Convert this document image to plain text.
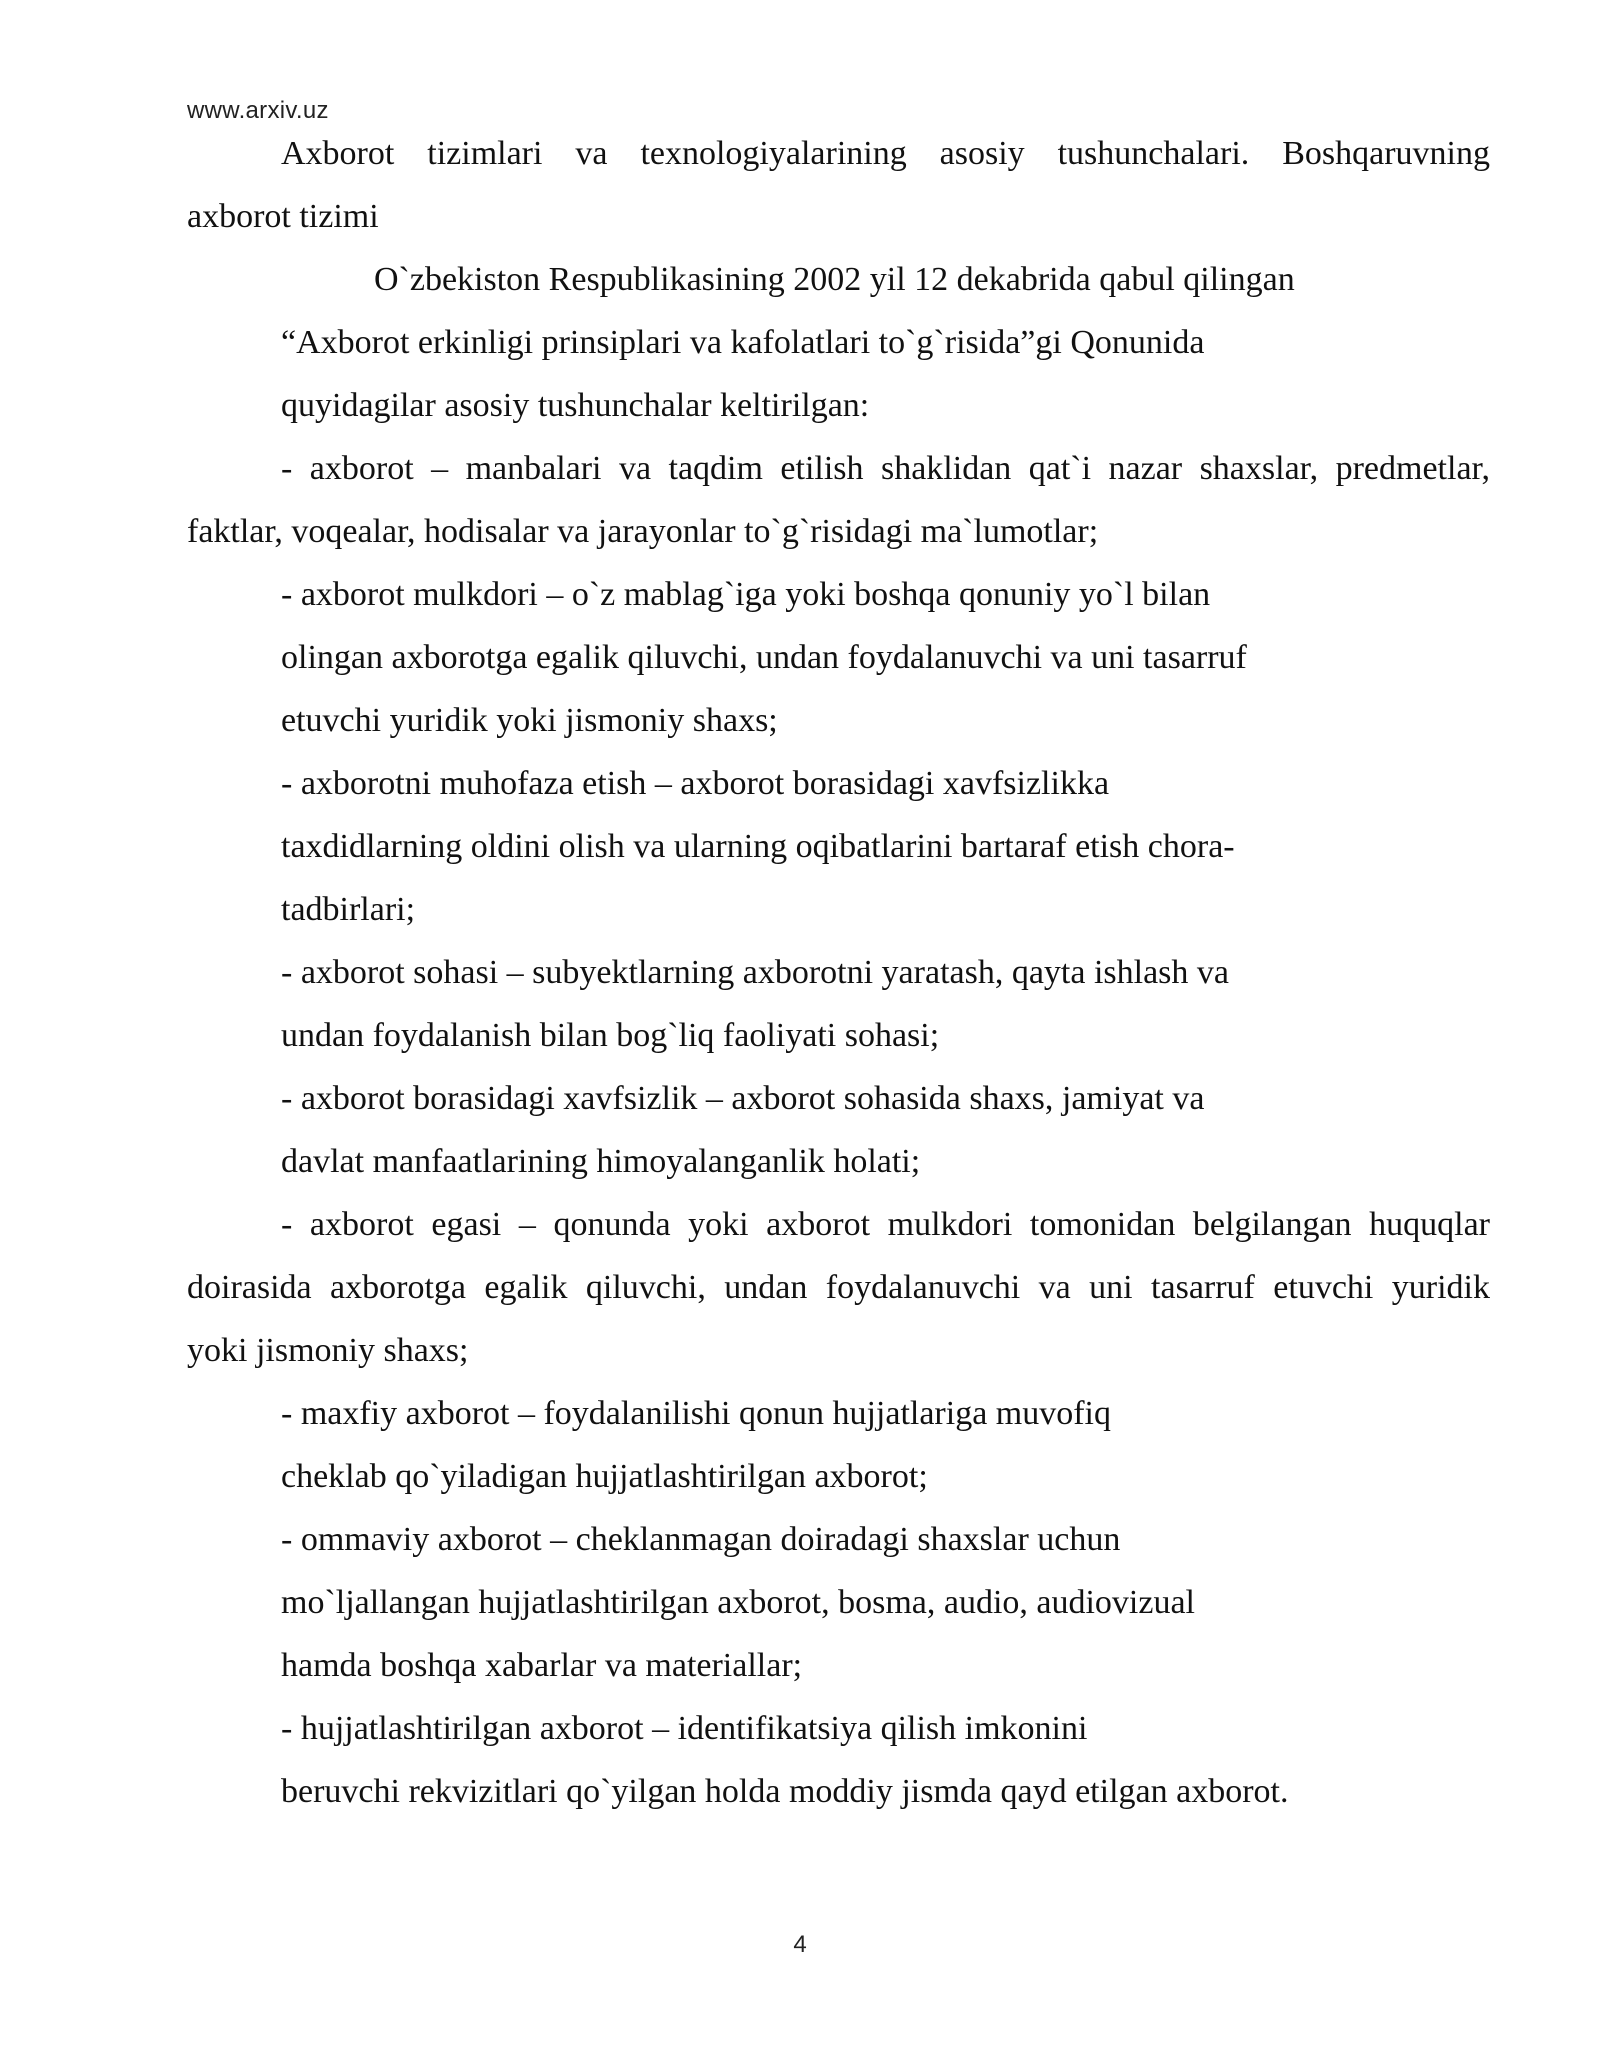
www.arxiv.uz
Axborot tizimlari va texnologiyalarining asosiy tushunchalari. Boshqaruvning
axborot tizimi
O`zbekiston Respublikasining 2002 yil 12 dekabrida qabul qilingan
“Axborot erkinligi prinsiplari va kafolatlari to`g`risida”gi Qonunida
quyidagilar asosiy tushunchalar keltirilgan:
- axborot – manbalari va taqdim etilish shaklidan qat`i nazar shaxslar, predmetlar,
faktlar, voqealar, hodisalar va jarayonlar to`g`risidagi ma`lumotlar;
- axborot mulkdori – o`z mablag`iga yoki boshqa qonuniy yo`l bilan
olingan axborotga egalik qiluvchi, undan foydalanuvchi va uni tasarruf
etuvchi yuridik yoki jismoniy shaxs;
- axborotni muhofaza etish – axborot borasidagi xavfsizlikka
taxdidlarning oldini olish va ularning oqibatlarini bartaraf etish chora-
tadbirlari;
- axborot sohasi – subyektlarning axborotni yaratash, qayta ishlash va
undan foydalanish bilan bog`liq faoliyati sohasi;
- axborot borasidagi xavfsizlik – axborot sohasida shaxs, jamiyat va
davlat manfaatlarining himoyalanganlik holati;
- axborot egasi – qonunda yoki axborot mulkdori tomonidan belgilangan huquqlar
doirasida axborotga egalik qiluvchi, undan foydalanuvchi va uni tasarruf etuvchi yuridik
yoki jismoniy shaxs;
- maxfiy axborot – foydalanilishi qonun hujjatlariga muvofiq
cheklab qo`yiladigan hujjatlashtirilgan axborot;
- ommaviy axborot – cheklanmagan doiradagi shaxslar uchun
mo`ljallangan hujjatlashtirilgan axborot, bosma, audio, audiovizual
hamda boshqa xabarlar va materiallar;
- hujjatlashtirilgan axborot – identifikatsiya qilish imkonini
beruvchi rekvizitlari qo`yilgan holda moddiy jismda qayd etilgan axborot.
4
